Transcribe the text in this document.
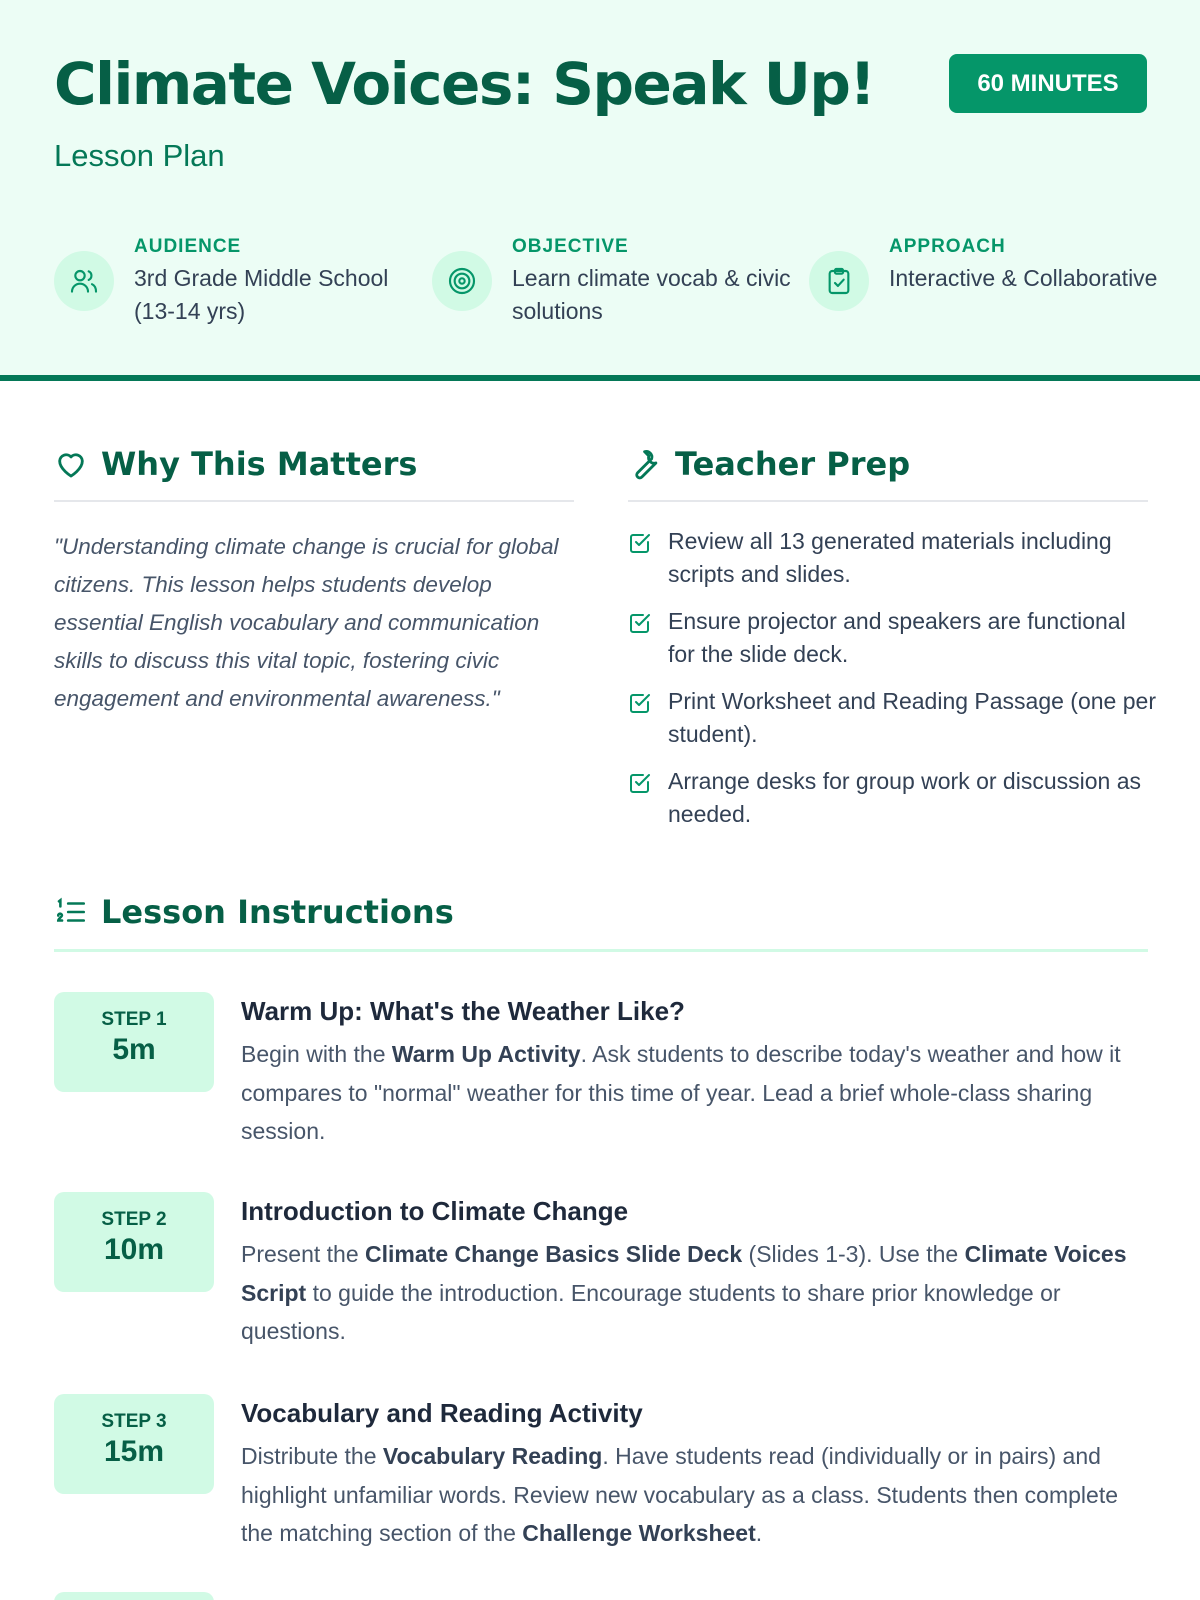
Climate Voices: Speak Up!
Lesson Plan
60 MINUTES
AUDIENCE
3rd Grade Middle School (13-14 yrs)
OBJECTIVE
Learn climate vocab & civic solutions
APPROACH
Interactive & Collaborative
Why This Matters

"Understanding climate change is crucial for global citizens. This lesson helps students develop essential English vocabulary and communication skills to discuss this vital topic, fostering civic engagement and environmental awareness."

Teacher Prep
Review all 13 generated materials including scripts and slides.
Ensure projector and speakers are functional for the slide deck.
Print Worksheet and Reading Passage (one per student).
Arrange desks for group work or discussion as needed.
Lesson Instructions
STEP 1
5m
Warm Up: What's the Weather Like?

Begin with the Warm Up Activity. Ask students to describe today's weather and how it compares to "normal" weather for this time of year. Lead a brief whole-class sharing session.

STEP 2
10m
Introduction to Climate Change

Present the Climate Change Basics Slide Deck (Slides 1-3). Use the Climate Voices Script to guide the introduction. Encourage students to share prior knowledge or questions.

STEP 3
15m
Vocabulary and Reading Activity

Distribute the Vocabulary Reading. Have students read (individually or in pairs) and highlight unfamiliar words. Review new vocabulary as a class. Students then complete the matching section of the Challenge Worksheet.
